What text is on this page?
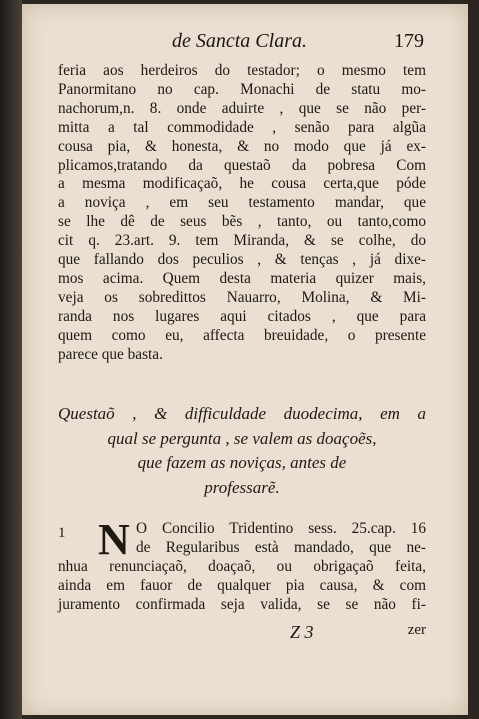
de Sancta Clara.	179
feria aos herdeiros do testador; o mesmo tem
Panormitano no cap. Monachi de statu mo-
nachorum,n. 8. onde aduirte , que se não per-
mitta a tal commodidade , senão para algũa
cousa pia, & honesta, & no modo que já ex-
plicamos,tratando da questaõ da pobresa Com
a mesma modificaçaõ, he cousa certa,que póde
a noviça , em seu testamento mandar, que
se lhe dê de seus bẽs , tanto, ou tanto,como
cit q. 23.art. 9. tem Miranda, & se colhe, do
que fallando dos peculios , & tenças , já dixe-
mos acima. Quem desta materia quizer mais,
veja os sobredittos Nauarro, Molina, & Mi-
randa nos lugares aqui citados , que para
quem como eu, affecta breuidade, o presente
parece que basta.
Questaõ , & difficuldade duodecima, em a
qual se pergunta , se valem as doaçoẽs,
que fazem as noviças, antes de
professarẽ.
1 N O Concilio Tridentino sess. 25.cap. 16
de Regularibus està mandado, que ne-
nhua renunciaçaõ, doaçaõ, ou obrigaçaõ feita,
ainda em fauor de qualquer pia causa, & com
juramento confirmada seja valida, se se não fi-
Z 3	zer
